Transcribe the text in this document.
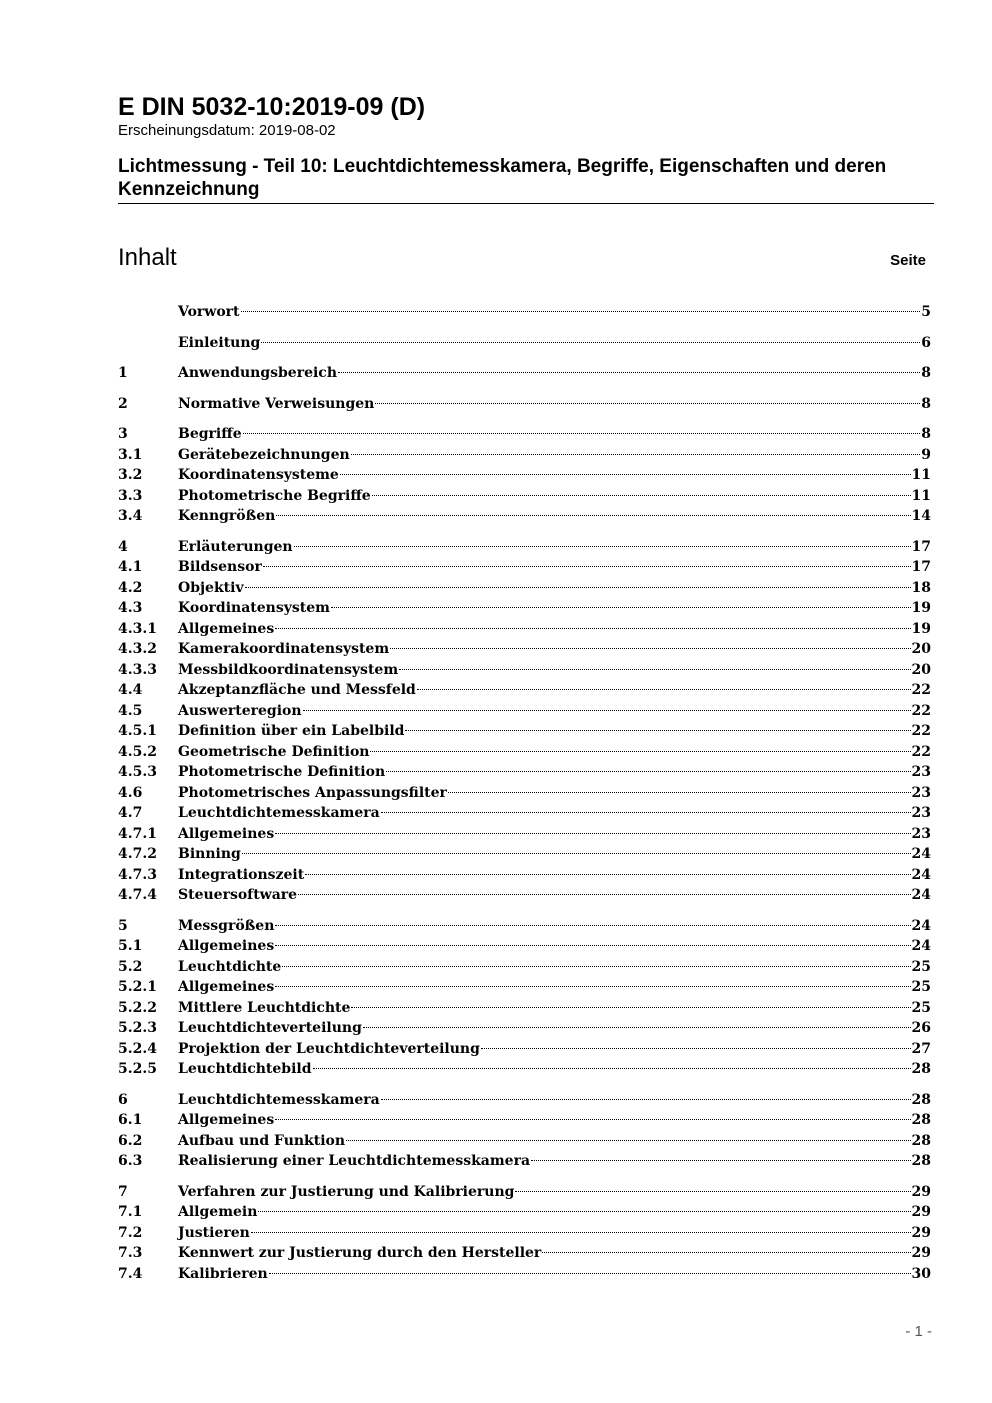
E DIN 5032-10:2019-09 (D)

Erscheinungsdatum: 2019-08-02

Lichtmessung - Teil 10: Leuchtdichtemesskamera, Begriffe, Eigenschaften und deren Kennzeichnung

Inhalt	Seite
Vorwort	5
Einleitung	6
1	Anwendungsbereich	8
2	Normative Verweisungen	8
3	Begriffe	8
3.1	Gerätebezeichnungen	9
3.2	Koordinatensysteme	11
3.3	Photometrische Begriffe	11
3.4	Kenngrößen	14
4	Erläuterungen	17
4.1	Bildsensor	17
4.2	Objektiv	18
4.3	Koordinatensystem	19
4.3.1	Allgemeines	19
4.3.2	Kamerakoordinatensystem	20
4.3.3	Messbildkoordinatensystem	20
4.4	Akzeptanzfläche und Messfeld	22
4.5	Auswerteregion	22
4.5.1	Definition über ein Labelbild	22
4.5.2	Geometrische Definition	22
4.5.3	Photometrische Definition	23
4.6	Photometrisches Anpassungsfilter	23
4.7	Leuchtdichtemesskamera	23
4.7.1	Allgemeines	23
4.7.2	Binning	24
4.7.3	Integrationszeit	24
4.7.4	Steuersoftware	24
5	Messgrößen	24
5.1	Allgemeines	24
5.2	Leuchtdichte	25
5.2.1	Allgemeines	25
5.2.2	Mittlere Leuchtdichte	25
5.2.3	Leuchtdichteverteilung	26
5.2.4	Projektion der Leuchtdichteverteilung	27
5.2.5	Leuchtdichtebild	28
6	Leuchtdichtemesskamera	28
6.1	Allgemeines	28
6.2	Aufbau und Funktion	28
6.3	Realisierung einer Leuchtdichtemesskamera	28
7	Verfahren zur Justierung und Kalibrierung	29
7.1	Allgemein	29
7.2	Justieren	29
7.3	Kennwert zur Justierung durch den Hersteller	29
7.4	Kalibrieren	30
- 1 -
